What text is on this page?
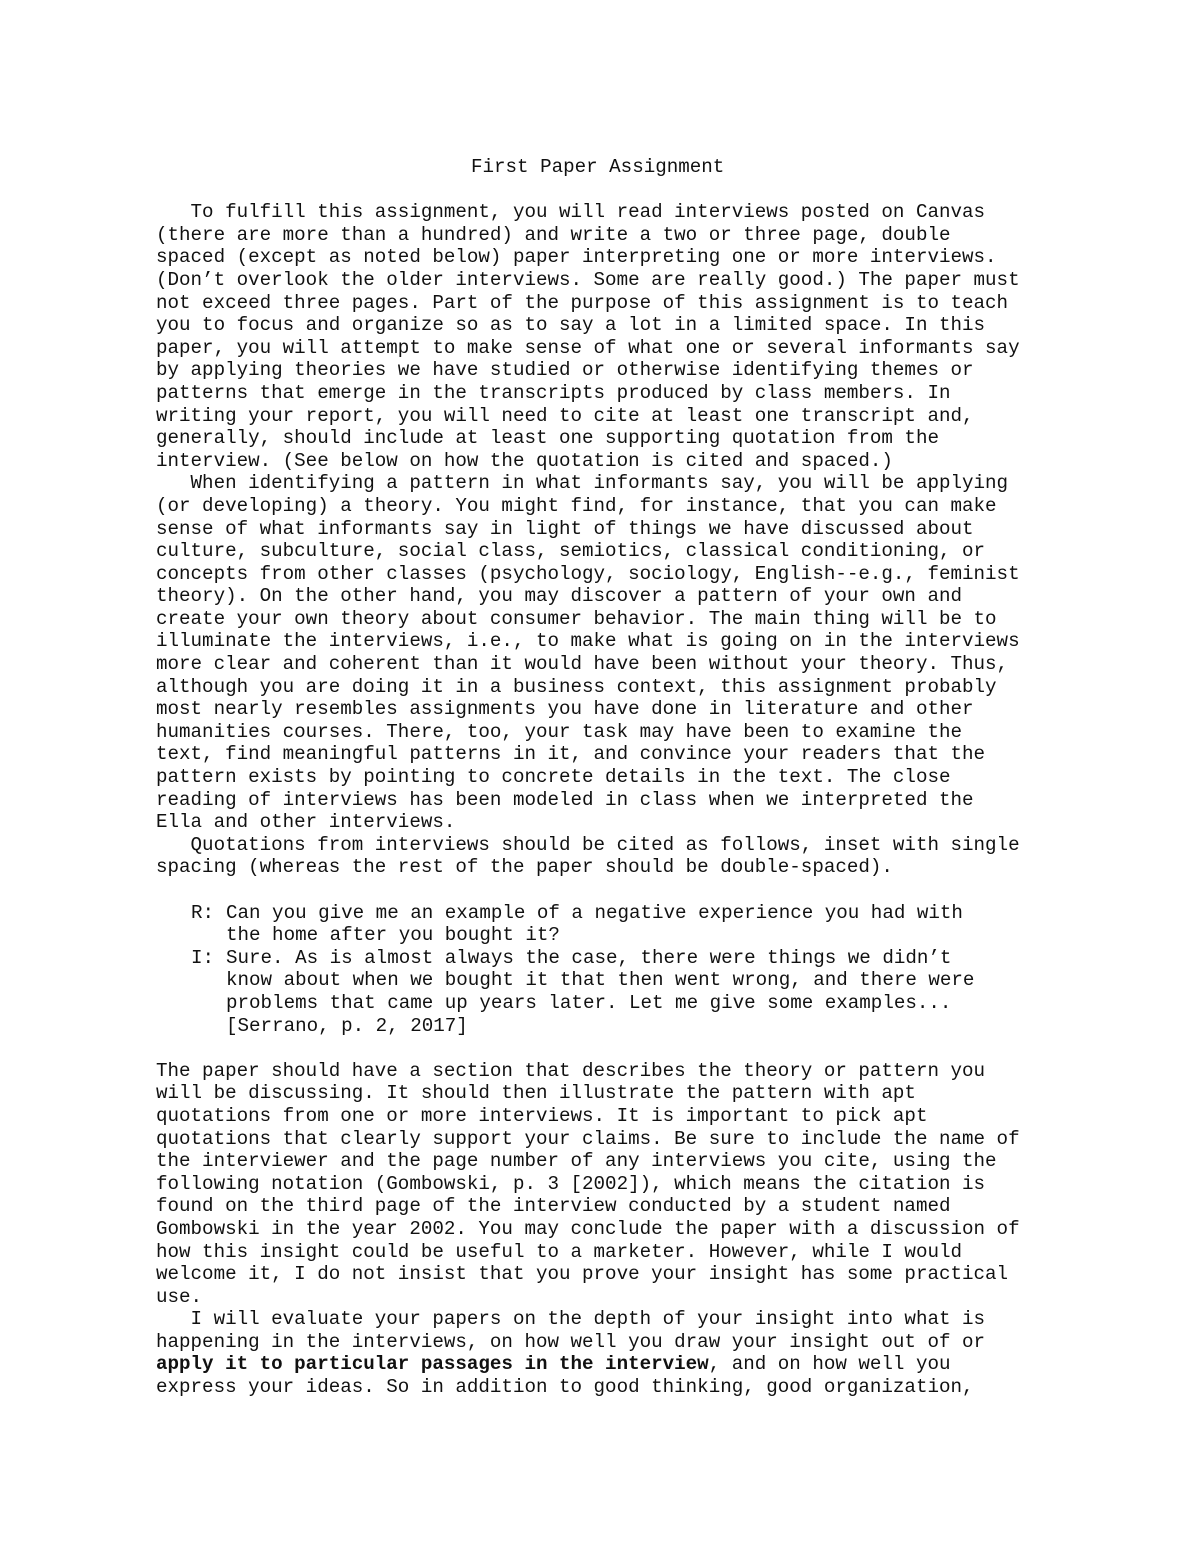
First Paper Assignment
To fulfill this assignment, you will read interviews posted on Canvas
(there are more than a hundred) and write a two or three page, double
spaced (except as noted below) paper interpreting one or more interviews.
(Don’t overlook the older interviews. Some are really good.) The paper must
not exceed three pages. Part of the purpose of this assignment is to teach
you to focus and organize so as to say a lot in a limited space. In this
paper, you will attempt to make sense of what one or several informants say
by applying theories we have studied or otherwise identifying themes or
patterns that emerge in the transcripts produced by class members. In
writing your report, you will need to cite at least one transcript and,
generally, should include at least one supporting quotation from the
interview. (See below on how the quotation is cited and spaced.)
When identifying a pattern in what informants say, you will be applying
(or developing) a theory. You might find, for instance, that you can make
sense of what informants say in light of things we have discussed about
culture, subculture, social class, semiotics, classical conditioning, or
concepts from other classes (psychology, sociology, English--e.g., feminist
theory). On the other hand, you may discover a pattern of your own and
create your own theory about consumer behavior. The main thing will be to
illuminate the interviews, i.e., to make what is going on in the interviews
more clear and coherent than it would have been without your theory. Thus,
although you are doing it in a business context, this assignment probably
most nearly resembles assignments you have done in literature and other
humanities courses. There, too, your task may have been to examine the
text, find meaningful patterns in it, and convince your readers that the
pattern exists by pointing to concrete details in the text. The close
reading of interviews has been modeled in class when we interpreted the
Ella and other interviews.
Quotations from interviews should be cited as follows, inset with single
spacing (whereas the rest of the paper should be double-spaced).
R: Can you give me an example of a negative experience you had with
the home after you bought it?
I: Sure. As is almost always the case, there were things we didn’t
know about when we bought it that then went wrong, and there were
problems that came up years later. Let me give some examples...
[Serrano, p. 2, 2017]
The paper should have a section that describes the theory or pattern you
will be discussing. It should then illustrate the pattern with apt
quotations from one or more interviews. It is important to pick apt
quotations that clearly support your claims. Be sure to include the name of
the interviewer and the page number of any interviews you cite, using the
following notation (Gombowski, p. 3 [2002]), which means the citation is
found on the third page of the interview conducted by a student named
Gombowski in the year 2002. You may conclude the paper with a discussion of
how this insight could be useful to a marketer. However, while I would
welcome it, I do not insist that you prove your insight has some practical
use.
I will evaluate your papers on the depth of your insight into what is
happening in the interviews, on how well you draw your insight out of or
apply it to particular passages in the interview, and on how well you
express your ideas. So in addition to good thinking, good organization,
